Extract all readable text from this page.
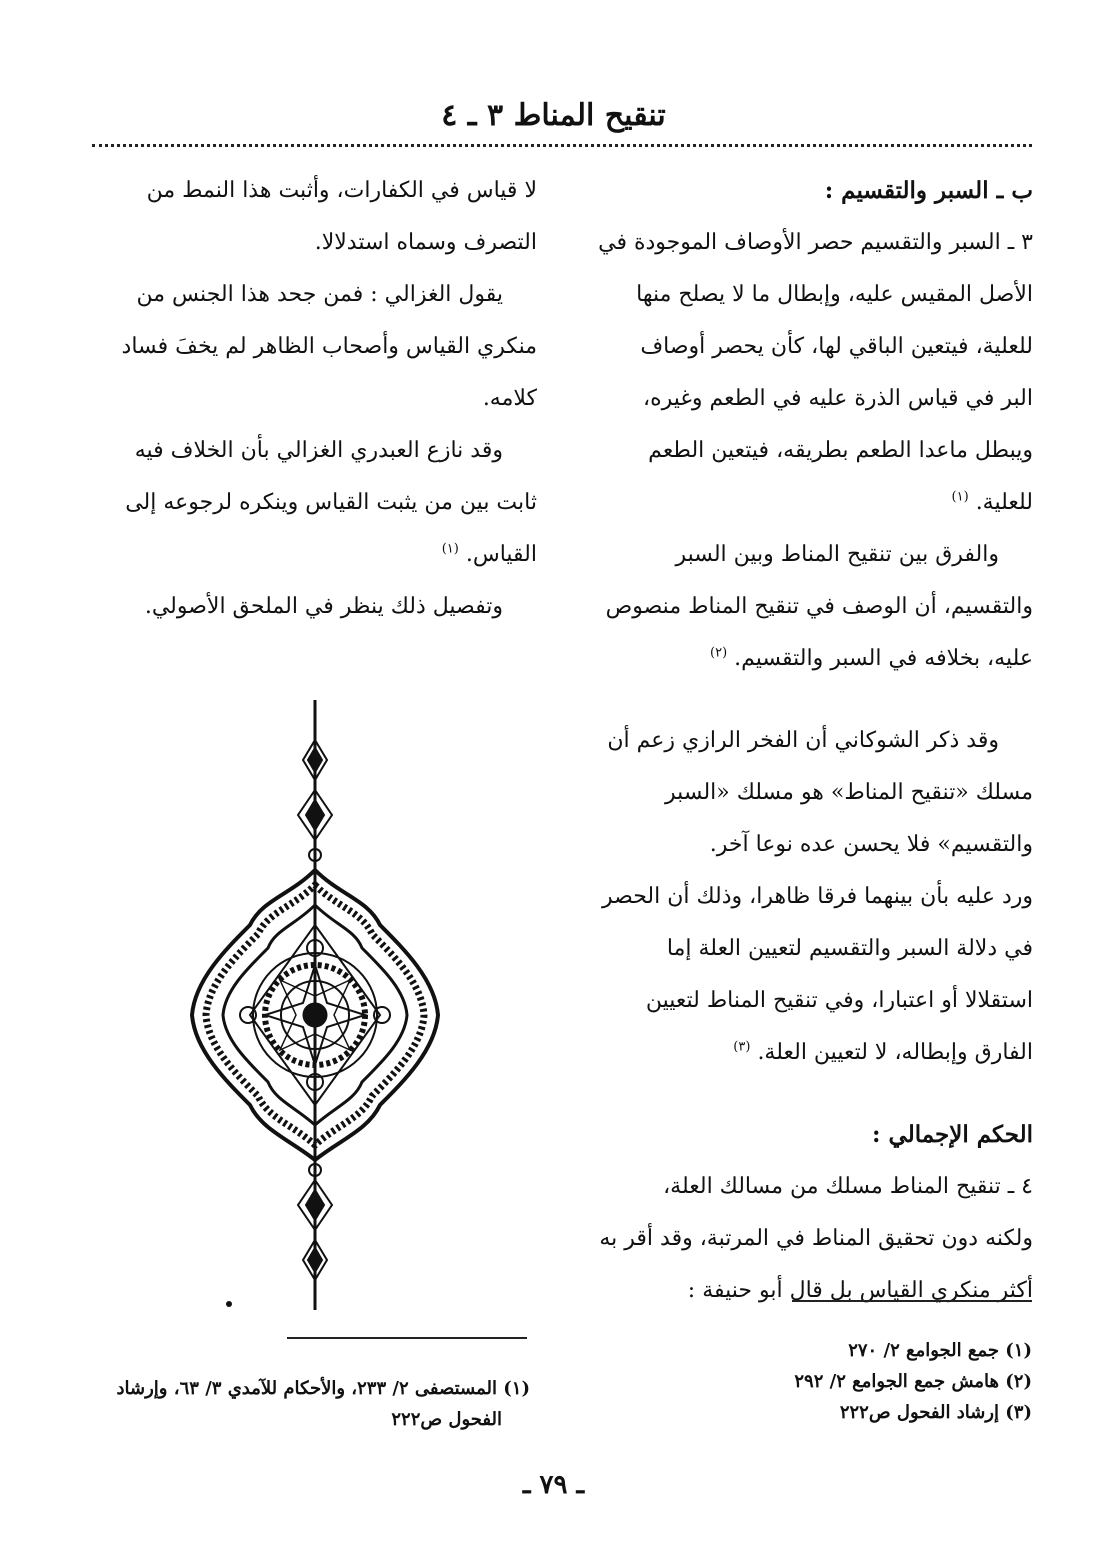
تنقيح المناط ٣ ـ ٤
ب ـ السبر والتقسيم :
٣ ـ السبر والتقسيم حصر الأوصاف الموجودة في
الأصل المقيس عليه، وإبطال ما لا يصلح منها
للعلية، فيتعين الباقي لها، كأن يحصر أوصاف
البر في قياس الذرة عليه في الطعم وغيره،
ويبطل ماعدا الطعم بطريقه، فيتعين الطعم
للعلية. $^{(١)}$
والفرق بين تنقيح المناط وبين السبر
والتقسيم، أن الوصف في تنقيح المناط منصوص
عليه، بخلافه في السبر والتقسيم. $^{(٢)}$
وقد ذكر الشوكاني أن الفخر الرازي زعم أن
مسلك «تنقيح المناط» هو مسلك «السبر
والتقسيم» فلا يحسن عده نوعا آخر.
ورد عليه بأن بينهما فرقا ظاهرا، وذلك أن الحصر
في دلالة السبر والتقسيم لتعيين العلة إما
استقلالا أو اعتبارا، وفي تنقيح المناط لتعيين
الفارق وإبطاله، لا لتعيين العلة. $^{(٣)}$
الحكم الإجمالي :
٤ ـ تنقيح المناط مسلك من مسالك العلة،
ولكنه دون تحقيق المناط في المرتبة، وقد أقر به
أكثر منكري القياس بل قال أبو حنيفة :
لا قياس في الكفارات، وأثبت هذا النمط من
التصرف وسماه استدلالا.
يقول الغزالي : فمن جحد هذا الجنس من
منكري القياس وأصحاب الظاهر لم يخفَ فساد
كلامه.
وقد نازع العبدري الغزالي بأن الخلاف فيه
ثابت بين من يثبت القياس وينكره لرجوعه إلى
القياس. $^{(١)}$
وتفصيل ذلك ينظر في الملحق الأصولي.
(١) جمع الجوامع ٢/ ٢٧٠
(٢) هامش جمع الجوامع ٢/ ٢٩٢
(٣) إرشاد الفحول ص٢٢٢
(١) المستصفى ٢/ ٢٣٣، والأحكام للآمدي ٣/ ٦٣، وإرشاد
الفحول ص٢٢٢
ـ ٧٩ ـ
